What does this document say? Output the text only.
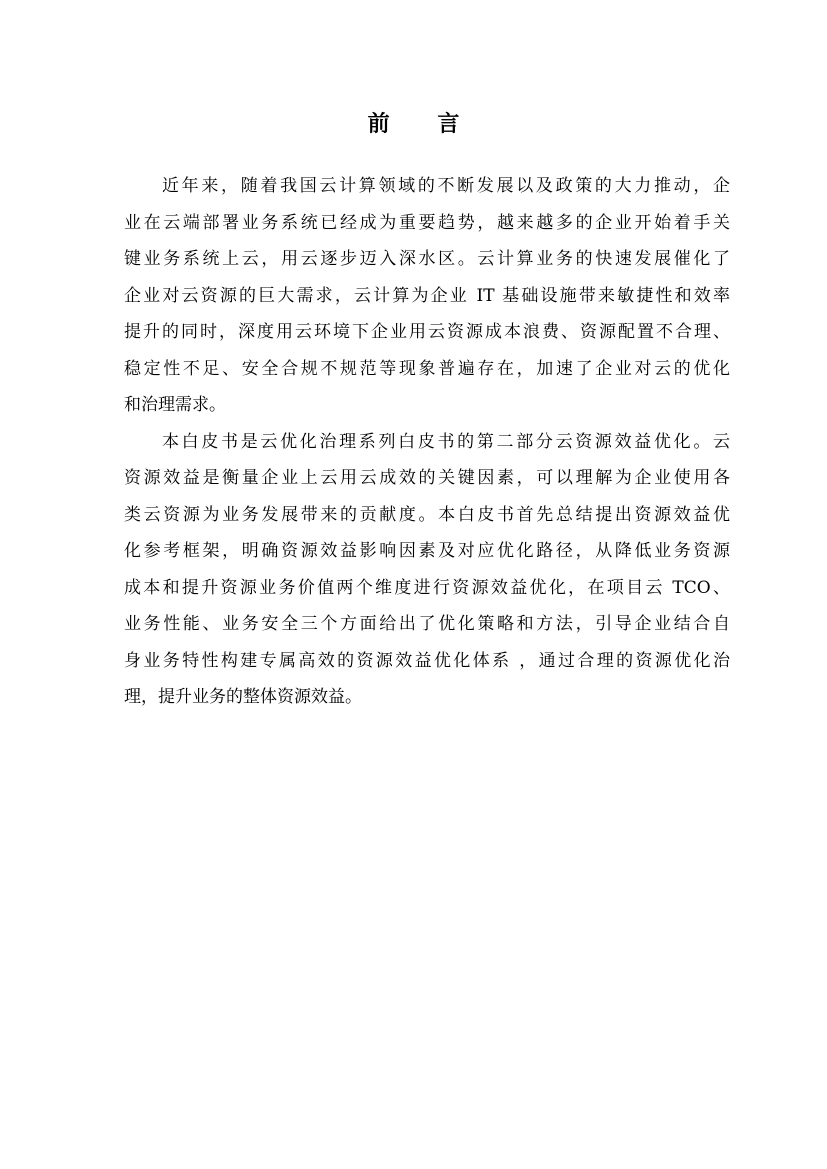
前 言

近年来，随着我国云计算领域的不断发展以及政策的大力推动，企
业在云端部署业务系统已经成为重要趋势，越来越多的企业开始着手关
键业务系统上云，用云逐步迈入深水区。云计算业务的快速发展催化了
企业对云资源的巨大需求，云计算为企业 IT 基础设施带来敏捷性和效率
提升的同时，深度用云环境下企业用云资源成本浪费、资源配置不合理、
稳定性不足、安全合规不规范等现象普遍存在，加速了企业对云的优化
和治理需求。

本白皮书是云优化治理系列白皮书的第二部分云资源效益优化。云
资源效益是衡量企业上云用云成效的关键因素，可以理解为企业使用各
类云资源为业务发展带来的贡献度。本白皮书首先总结提出资源效益优
化参考框架，明确资源效益影响因素及对应优化路径，从降低业务资源
成本和提升资源业务价值两个维度进行资源效益优化，在项目云 TCO、
业务性能、业务安全三个方面给出了优化策略和方法，引导企业结合自
身业务特性构建专属高效的资源效益优化体系 ，通过合理的资源优化治
理，提升业务的整体资源效益。
